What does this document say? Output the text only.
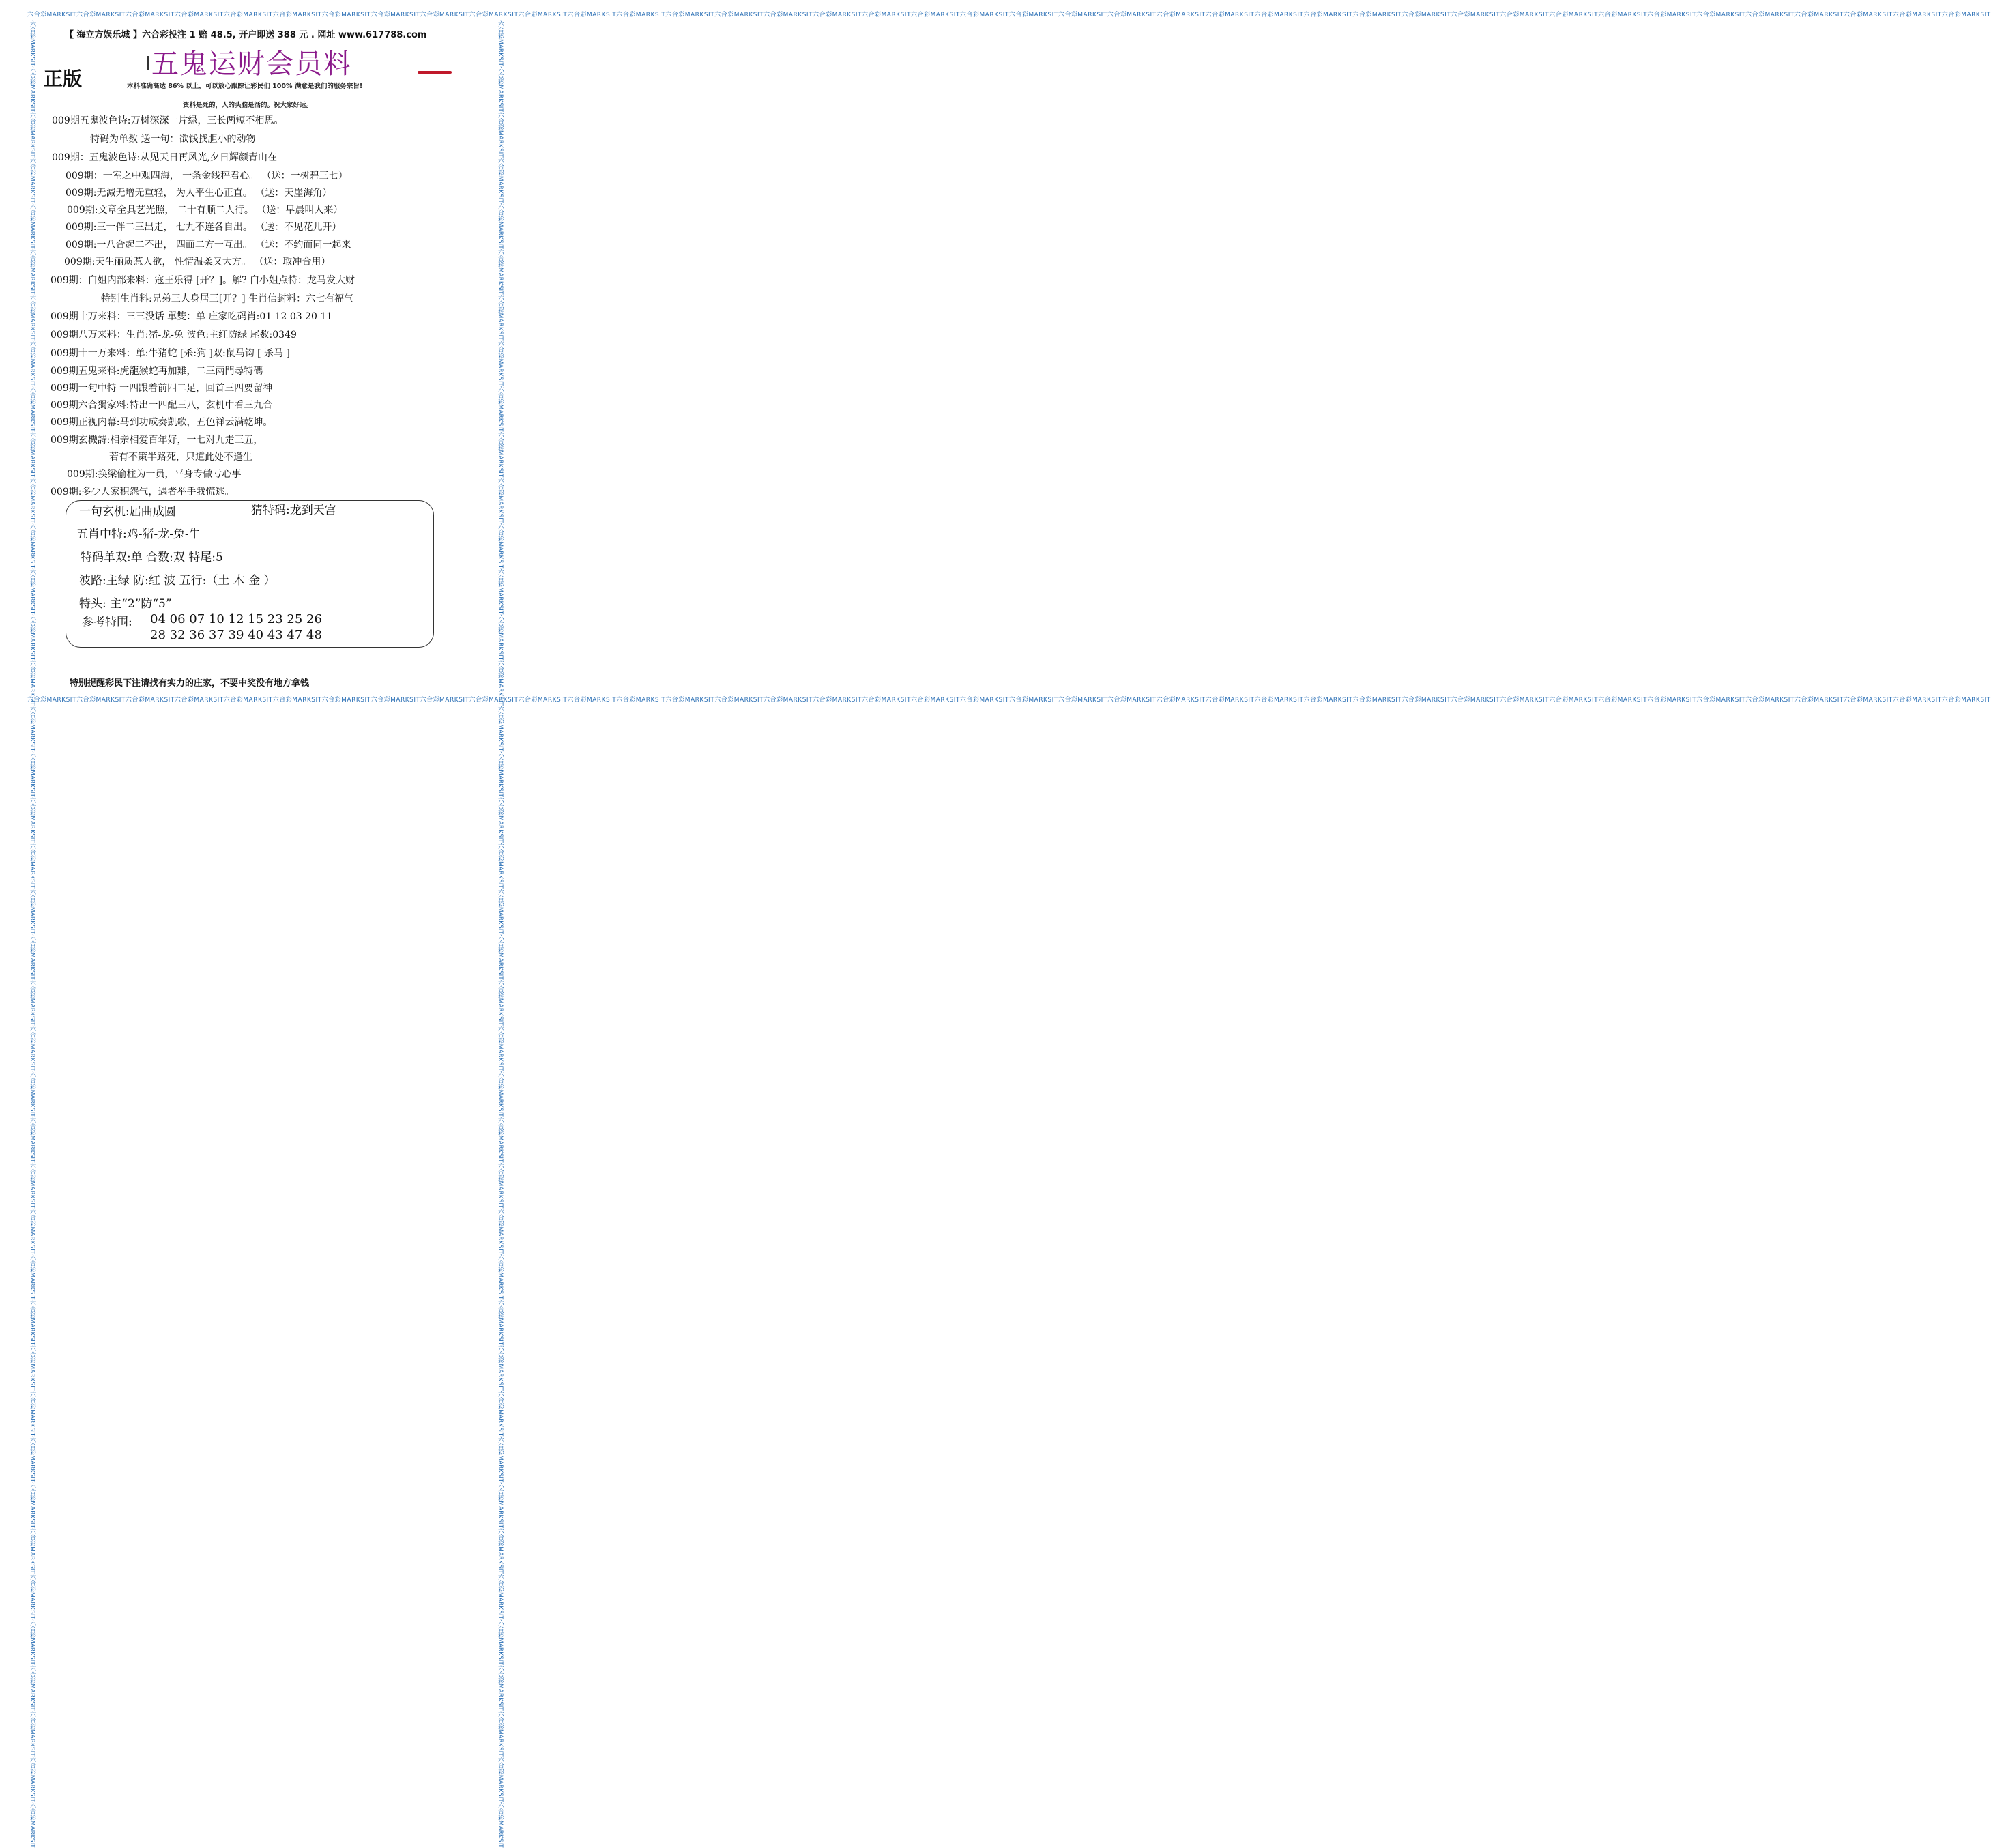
六合彩MARKSIT六合彩MARKSIT六合彩MARKSIT六合彩MARKSIT六合彩MARKSIT六合彩MARKSIT六合彩MARKSIT六合彩MARKSIT六合彩MARKSIT六合彩MARKSIT六合彩MARKSIT六合彩MARKSIT六合彩MARKSIT六合彩MARKSIT六合彩MARKSIT六合彩MARKSIT六合彩MARKSIT六合彩MARKSIT六合彩MARKSIT六合彩MARKSIT六合彩MARKSIT六合彩MARKSIT六合彩MARKSIT六合彩MARKSIT六合彩MARKSIT六合彩MARKSIT六合彩MARKSIT六合彩MARKSIT六合彩MARKSIT六合彩MARKSIT六合彩MARKSIT六合彩MARKSIT六合彩MARKSIT六合彩MARKSIT六合彩MARKSIT六合彩MARKSIT六合彩MARKSIT六合彩MARKSIT六合彩MARKSIT六合彩MARKSIT
六合彩MARKSIT六合彩MARKSIT六合彩MARKSIT六合彩MARKSIT六合彩MARKSIT六合彩MARKSIT六合彩MARKSIT六合彩MARKSIT六合彩MARKSIT六合彩MARKSIT六合彩MARKSIT六合彩MARKSIT六合彩MARKSIT六合彩MARKSIT六合彩MARKSIT六合彩MARKSIT六合彩MARKSIT六合彩MARKSIT六合彩MARKSIT六合彩MARKSIT六合彩MARKSIT六合彩MARKSIT六合彩MARKSIT六合彩MARKSIT六合彩MARKSIT六合彩MARKSIT六合彩MARKSIT六合彩MARKSIT六合彩MARKSIT六合彩MARKSIT六合彩MARKSIT六合彩MARKSIT六合彩MARKSIT六合彩MARKSIT六合彩MARKSIT六合彩MARKSIT六合彩MARKSIT六合彩MARKSIT六合彩MARKSIT六合彩MARKSIT
六合彩MARKSIT六合彩MARKSIT六合彩MARKSIT六合彩MARKSIT六合彩MARKSIT六合彩MARKSIT六合彩MARKSIT六合彩MARKSIT六合彩MARKSIT六合彩MARKSIT六合彩MARKSIT六合彩MARKSIT六合彩MARKSIT六合彩MARKSIT六合彩MARKSIT六合彩MARKSIT六合彩MARKSIT六合彩MARKSIT六合彩MARKSIT六合彩MARKSIT六合彩MARKSIT六合彩MARKSIT六合彩MARKSIT六合彩MARKSIT六合彩MARKSIT六合彩MARKSIT六合彩MARKSIT六合彩MARKSIT六合彩MARKSIT六合彩MARKSIT六合彩MARKSIT六合彩MARKSIT六合彩MARKSIT六合彩MARKSIT六合彩MARKSIT六合彩MARKSIT六合彩MARKSIT六合彩MARKSIT六合彩MARKSIT六合彩MARKSIT	六合彩MARKSIT六合彩MARKSIT六合彩MARKSIT六合彩MARKSIT六合彩MARKSIT六合彩MARKSIT六合彩MARKSIT六合彩MARKSIT六合彩MARKSIT六合彩MARKSIT六合彩MARKSIT六合彩MARKSIT六合彩MARKSIT六合彩MARKSIT六合彩MARKSIT六合彩MARKSIT六合彩MARKSIT六合彩MARKSIT六合彩MARKSIT六合彩MARKSIT六合彩MARKSIT六合彩MARKSIT六合彩MARKSIT六合彩MARKSIT六合彩MARKSIT六合彩MARKSIT六合彩MARKSIT六合彩MARKSIT六合彩MARKSIT六合彩MARKSIT六合彩MARKSIT六合彩MARKSIT六合彩MARKSIT六合彩MARKSIT六合彩MARKSIT六合彩MARKSIT六合彩MARKSIT六合彩MARKSIT六合彩MARKSIT六合彩MARKSIT
【 海立方娱乐城 】六合彩投注 1 赔 48.5, 开户即送 388 元 . 网址 www.617788.com
五鬼运财会员料
正版	本料准确高达 86% 以上，可以放心跟踪让彩民们 100% 满意是我们的服务宗旨!
资料是死的，人的头脑是活的。祝大家好运。
009期五鬼波色诗:万树深深一片绿，三长两短不相思。
特码为单数 送一句：欲钱找胆小的动物
009期：五鬼波色诗:从见天日再风光,夕日辉颜青山在
009期：一室之中观四海， 一条金线秤君心。 （送：一树碧三七）
009期:无減无增无重轻， 为人平生心正直。 （送：天崖海角）
009期:文章全具艺光照， 二十有顺二人行。 （送：早晨叫人来）
009期:三一伴二三出走， 七九不连各自出。 （送：不见花儿开）
009期:一八合起二不出， 四面二方一互出。 （送：不约而同一起来
009期:天生丽质惹人欲， 性情温柔又大方。 （送：取冲合用）
009期：白姐内部来料：寇王乐得 [开？]。解? 白小姐点特：龙马发大财
特别生肖料:兄弟三人身居三[开？] 生肖信封料：六七有福气
009期十万来料：三三没话 單雙：单 庄家吃码肖:01 12 03 20 11
009期八万来料：生肖:猪-龙-兔 波色:主红防绿 尾数:0349
009期十一万来料：单:牛猪蛇 [杀:狗 ]双:鼠马钩 [ 杀马 ]
009期五鬼来料:虎龍猴蛇再加雞，二三兩門尋特碼
009期一句中特 一四跟着前四二足，回首三四要留神
009期六合獨家料:特出一四配三八，玄机中看三九合
009期正视内幕:马到功成奏凱歌，五色祥云满乾坤。
009期玄機詩:相亲相爱百年好，一七对九走三五，
若有不策半路死，只道此处不逢生
009期:换梁偷柱为一员，平身专做亏心事
009期:多少人家积怨气，遇者举手我慌逃。
一句玄机:屈曲成圆	猜特码:龙到天宫
五肖中特:鸡-猪-龙-兔-牛
特码单双:单 合数:双 特尾:5
波路:主绿 防:红 波 五行:（土 木 金 ）
特头: 主“2”防“5”
参考特围: 04 06 07 10 12 15 23 25 26
28 32 36 37 39 40 43 47 48
特别提醒彩民下注请找有实力的庄家，不要中奖没有地方拿钱
